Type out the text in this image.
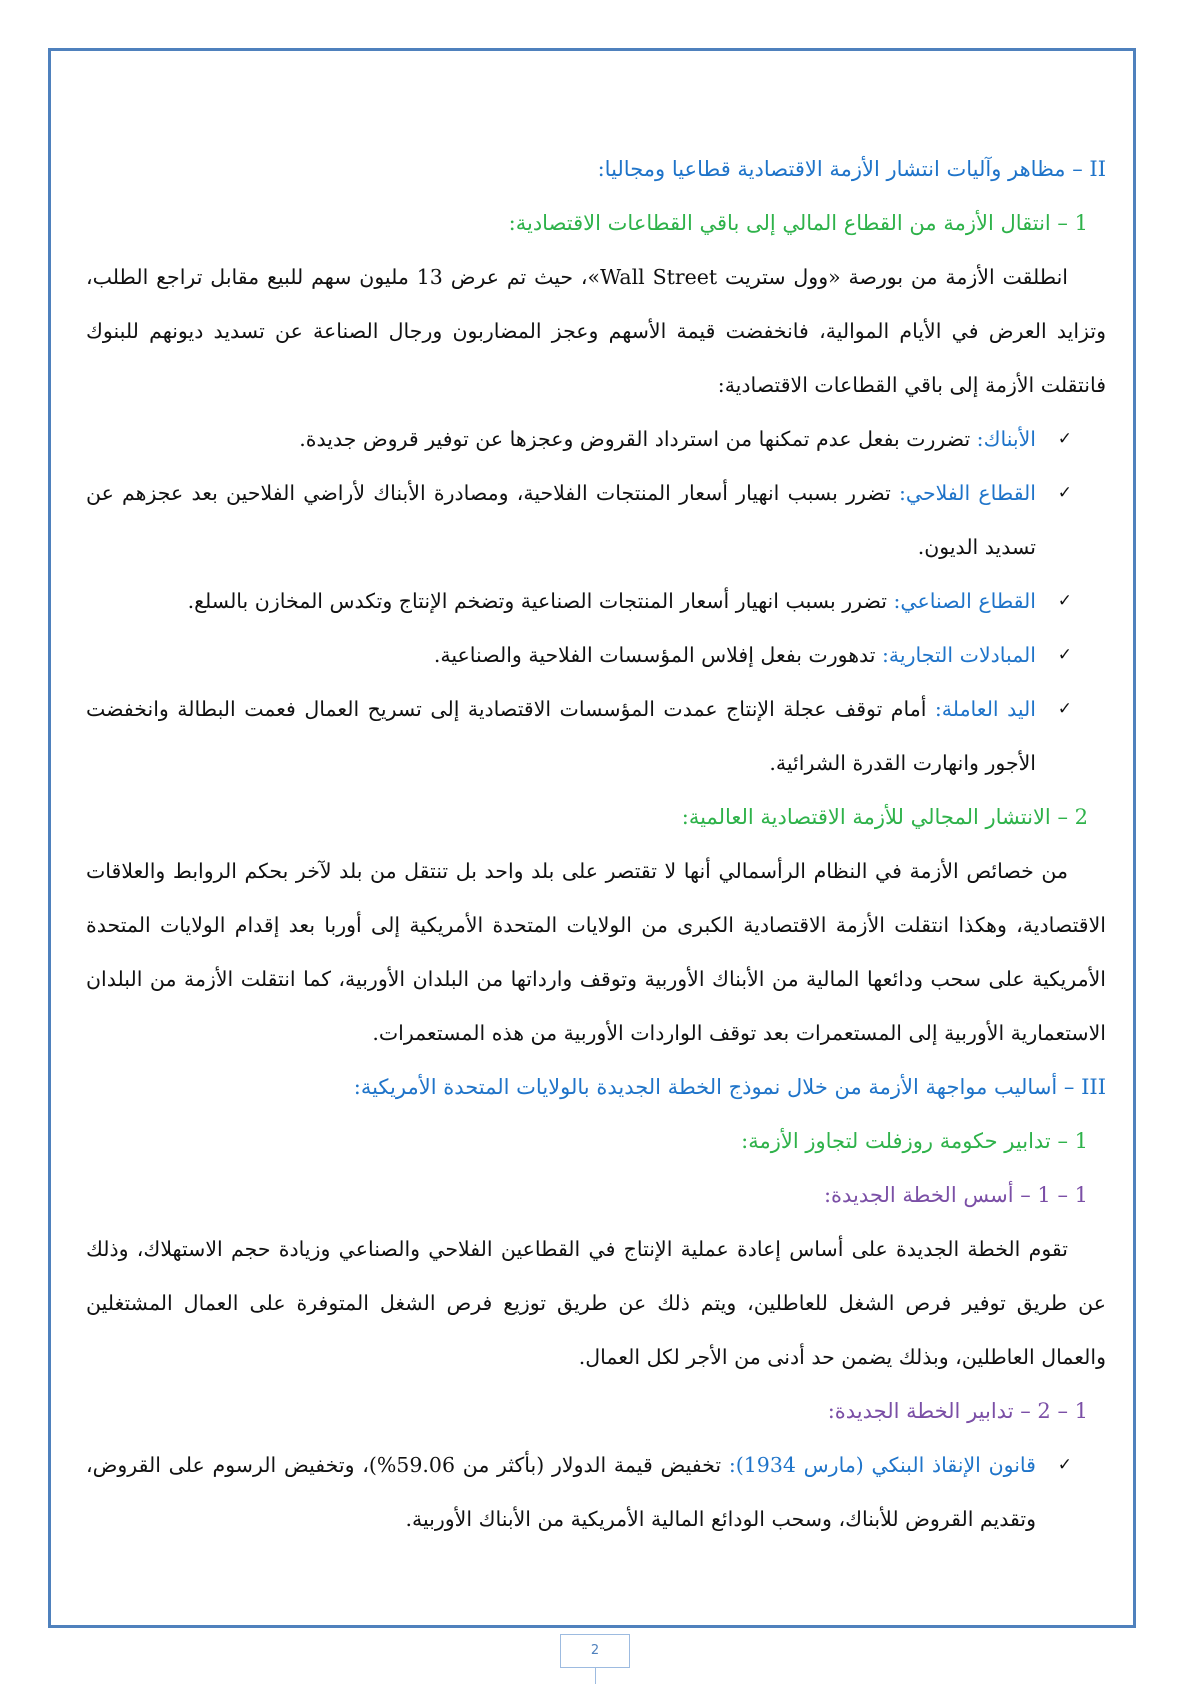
II – مظاهر وآليات انتشار الأزمة الاقتصادية قطاعيا ومجاليا:
1 – انتقال الأزمة من القطاع المالي إلى باقي القطاعات الاقتصادية:

انطلقت الأزمة من بورصة «وول ستريت Wall Street»، حيث تم عرض 13 مليون سهم للبيع مقابل تراجع الطلب، وتزايد العرض في الأيام الموالية، فانخفضت قيمة الأسهم وعجز المضاربون ورجال الصناعة عن تسديد ديونهم للبنوك فانتقلت الأزمة إلى باقي القطاعات الاقتصادية:

✓
الأبناك: تضررت بفعل عدم تمكنها من استرداد القروض وعجزها عن توفير قروض جديدة.
✓
القطاع الفلاحي: تضرر بسبب انهيار أسعار المنتجات الفلاحية، ومصادرة الأبناك لأراضي الفلاحين بعد عجزهم عن تسديد الديون.
✓
القطاع الصناعي: تضرر بسبب انهيار أسعار المنتجات الصناعية وتضخم الإنتاج وتكدس المخازن بالسلع.
✓
المبادلات التجارية: تدهورت بفعل إفلاس المؤسسات الفلاحية والصناعية.
✓
اليد العاملة: أمام توقف عجلة الإنتاج عمدت المؤسسات الاقتصادية إلى تسريح العمال فعمت البطالة وانخفضت الأجور وانهارت القدرة الشرائية.
2 – الانتشار المجالي للأزمة الاقتصادية العالمية:

من خصائص الأزمة في النظام الرأسمالي أنها لا تقتصر على بلد واحد بل تنتقل من بلد لآخر بحكم الروابط والعلاقات الاقتصادية، وهكذا انتقلت الأزمة الاقتصادية الكبرى من الولايات المتحدة الأمريكية إلى أوربا بعد إقدام الولايات المتحدة الأمريكية على سحب ودائعها المالية من الأبناك الأوربية وتوقف وارداتها من البلدان الأوربية، كما انتقلت الأزمة من البلدان الاستعمارية الأوربية إلى المستعمرات بعد توقف الواردات الأوربية من هذه المستعمرات.

III – أساليب مواجهة الأزمة من خلال نموذج الخطة الجديدة بالولايات المتحدة الأمريكية:
1 – تدابير حكومة روزفلت لتجاوز الأزمة:
1 – 1 – أسس الخطة الجديدة:

تقوم الخطة الجديدة على أساس إعادة عملية الإنتاج في القطاعين الفلاحي والصناعي وزيادة حجم الاستهلاك، وذلك عن طريق توفير فرص الشغل للعاطلين، ويتم ذلك عن طريق توزيع فرص الشغل المتوفرة على العمال المشتغلين والعمال العاطلين، وبذلك يضمن حد أدنى من الأجر لكل العمال.

1 – 2 – تدابير الخطة الجديدة:
✓
قانون الإنقاذ البنكي (مارس 1934): تخفيض قيمة الدولار (بأكثر من 59.06%)، وتخفيض الرسوم على القروض، وتقديم القروض للأبناك، وسحب الودائع المالية الأمريكية من الأبناك الأوربية.
2
